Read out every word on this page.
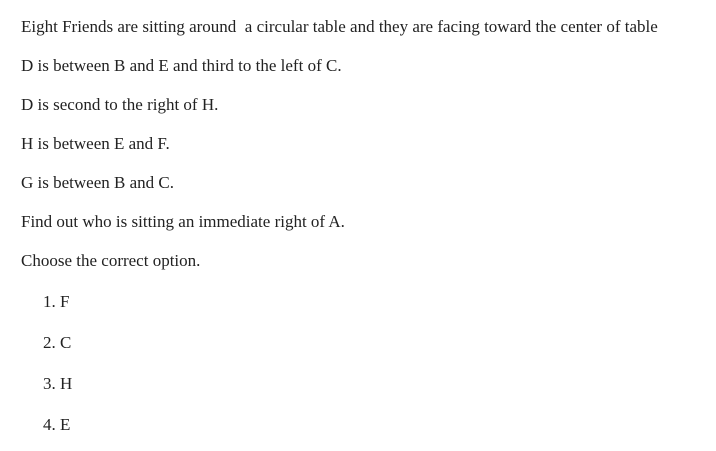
Eight Friends are sitting around  a circular table and they are facing toward the center of table

D is between B and E and third to the left of C.

D is second to the right of H.

H is between E and F.

G is between B and C.

Find out who is sitting an immediate right of A.

Choose the correct option.

1. F
2. C
3. H
4. E
